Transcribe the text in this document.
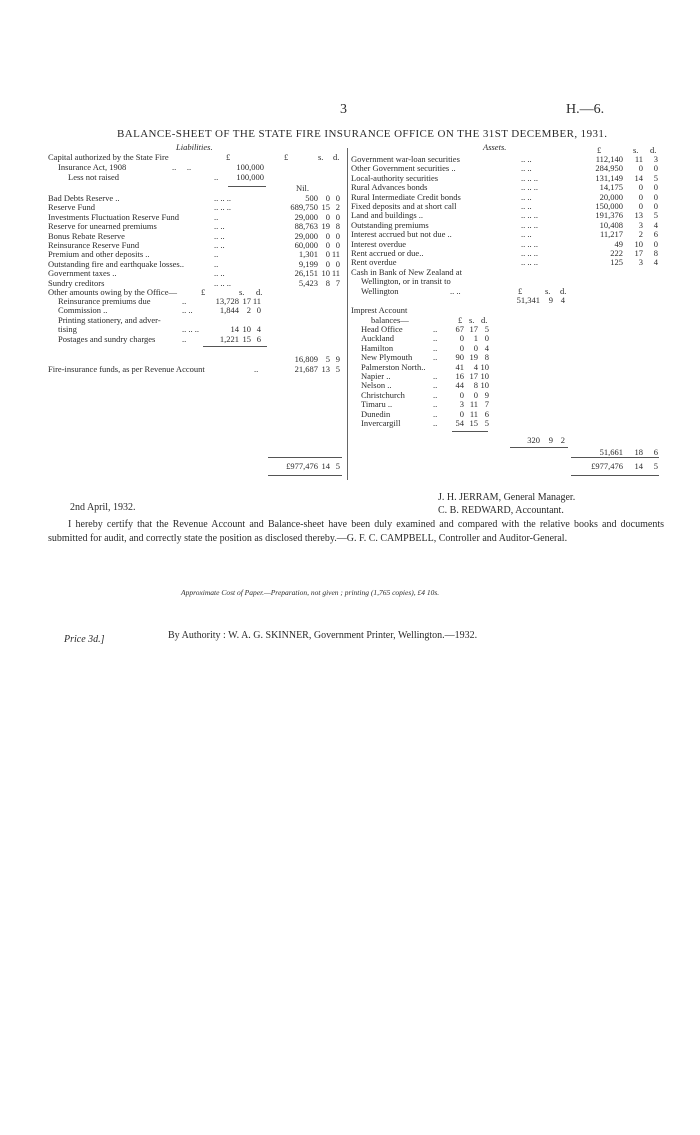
3	H.—6.
BALANCE-SHEET OF THE STATE FIRE INSURANCE OFFICE ON THE 31ST DECEMBER, 1931.
Liabilities.
£	£	s. d.
Capital authorized by the State Fire
Insurance Act, 1908	..     ..	100,000
Less not raised	..	100,000
Nil.
Bad Debts Reserve ..	.. .. ..	500 0 0
Reserve Fund	.. .. ..	689,750 15 2
Investments Fluctuation Reserve Fund	..	29,000 0 0
Reserve for unearned premiums	.. ..	88,763 19 8
Bonus Rebate Reserve	.. ..	29,000 0 0
Reinsurance Reserve Fund	.. ..	60,000 0 0
Premium and other deposits ..	..	1,301 0 11
Outstanding fire and earthquake losses..	..	9,199 0 0
Government taxes ..	.. ..	26,151 10 11
Sundry creditors	.. .. ..	5,423 8 7
Other amounts owing by the Office—	£	s. d.
Reinsurance premiums due	..	13,728 17 11
Commission ..	.. ..	1,844 2 0
Printing stationery, and adver-
tising	.. .. ..	14 10 4
Postages and sundry charges	..	1,221 15 6
16,809 5 9
Fire-insurance funds, as per Revenue Account	..	21,687 13 5
£977,476 14 5
Assets.	£	s. d.
Government war-loan securities	.. ..	112,140	11	3
Other Government securities ..	.. ..	284,950	0	0
Local-authority securities	.. .. ..	131,149	14	5
Rural Advances bonds	.. .. ..	14,175	0	0
Rural Intermediate Credit bonds	.. ..	20,000	0	0
Fixed deposits and at short call	.. ..	150,000	0	0
Land and buildings ..	.. .. ..	191,376	13	5
Outstanding premiums	.. .. ..	10,408	3	4
Interest accrued but not due ..	.. ..	11,217	2	6
Interest overdue	.. .. ..	49	10	0
Rent accrued or due..	.. .. ..	222	17	8
Rent overdue	.. .. ..	125	3	4
Cash in Bank of New Zealand at
Wellington, or in transit to
Wellington	.. ..	£	s. d.
51,341	9 4
Imprest Account
balances—	£ s. d.
Head Office	..	67 17 5
Auckland	..	0	1 0
Hamilton	..	0	0 4
New Plymouth ..	90 19 8
Palmerston North..	41	4 10
Napier ..	..	16 17 10
Nelson ..	..	44	8 10
Christchurch	..	0	0 9
Timaru ..	..	3 11 7
Dunedin	..	0 11 6
Invercargill	..	54 15 5
320	9 2
51,661	18	6
£977,476	14	5
J. H. JERRAM, General Manager.
2nd April, 1932.	C. B. REDWARD, Accountant.
I hereby certify that the Revenue Account and Balance-sheet have been duly examined and compared with the relative books and documents submitted for audit, and correctly state the position as disclosed thereby.—G. F. C. CAMPBELL, Controller and Auditor-General.
Approximate Cost of Paper.—Preparation, not given ; printing (1,765 copies), £4 10s.
Price 3d.]	By Authority : W. A. G. SKINNER, Government Printer, Wellington.—1932.
